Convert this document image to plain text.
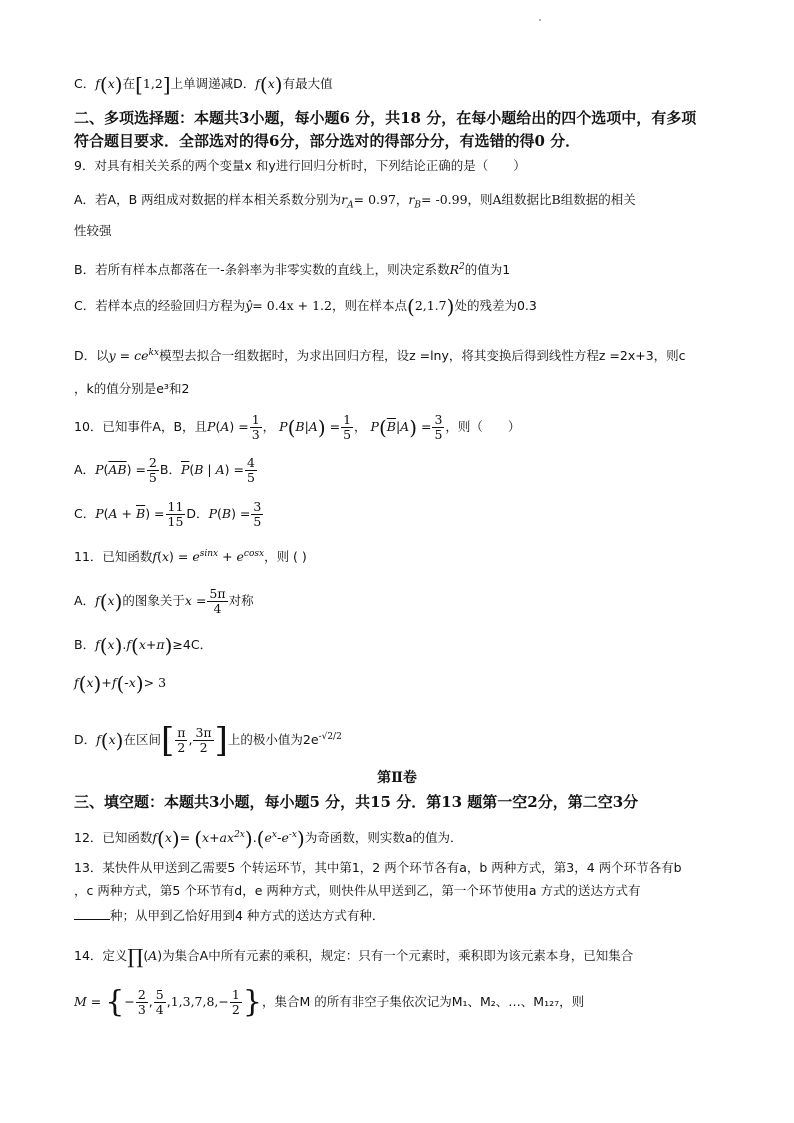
C．f(x)在[1,2]上单调递减D．f(x)有最大值
二、多项选择题：本题共3小题，每小题6 分，共18 分，在每小题给出的四个选项中，有多项
符合题目要求．全部选对的得6分，部分选对的得部分分，有选错的得0 分．
9．对具有相关关系的两个变量x 和y进行回归分析时，下列结论正确的是（　　）
A．若A，B 两组成对数据的样本相关系数分别为$r_A= 0.97$，$r_B= -0.99$，则A组数据比B组数据的相关
性较强
B．若所有样本点都落在一-条斜率为非零实数的直线上，则决定系数$R^2$的值为1
C．若样本点的经验回归方程为ŷ= 0.4x + 1.2，则在样本点(2,1.7)处的残差为0.3
D．以$y = ce^{kx}$模型去拟合一组数据时，为求出回归方程，设z =lny，将其变换后得到线性方程z =2x+3，则c
，k的值分别是e³和2
10．已知事件A，B，且$P(A) = \frac{1}{3}$ ， $P(B|A) = \frac{1}{5}$ ， $P(\overline{B}|A) = \frac{3}{5}$ ，则（　　）
A．$P(\overline{AB}) = \frac{2}{5}$ B．$\overline{P}(B$ | $A) = \frac{4}{5}$
C．$P(A + \overline{B}) = \frac{11}{15}$ D．$P(B) = \frac{3}{5}$
11．已知函数$f(x) = e^{sinx} + e^{cosx}$，则 ( )
A．f(x)的图象关于$x = \frac{5\pi}{4}$ 对称
B．f(x).f(x+π)≥4C．
f(x)+f(-x)> 3
D．f(x)在区间[ $\frac{\pi}{2}$ , $\frac{3\pi}{2}$ ]上的极小值为$2e^{-√2/2}$
第Ⅱ卷
三、填空题：本题共3小题，每小题5 分，共15 分．第13 题第一空2分，第二空3分
12．已知函数$f(x)= (x+ax^{2x}).(e^x-e^{-x})$为奇函数，则实数a的值为．
13．某快件从甲送到乙需要5 个转运环节，其中第1，2 两个环节各有a，b 两种方式，第3，4 两个环节各有b
，c 两种方式，第5 个环节有d，e 两种方式，则快件从甲送到乙，第一个环节使用a 方式的送达方式有
种；从甲到乙恰好用到4 种方式的送达方式有种．
14．定义∏(A)为集合A中所有元素的乘积，规定：只有一个元素时，乘积即为该元素本身，已知集合
M = {− $\frac{2}{3}$ , $\frac{5}{4} ,1,3,7,8,- \frac{1}{2}$ }，集合M 的所有非空子集依次记为M₁、M₂、…、M₁₂₇，则
